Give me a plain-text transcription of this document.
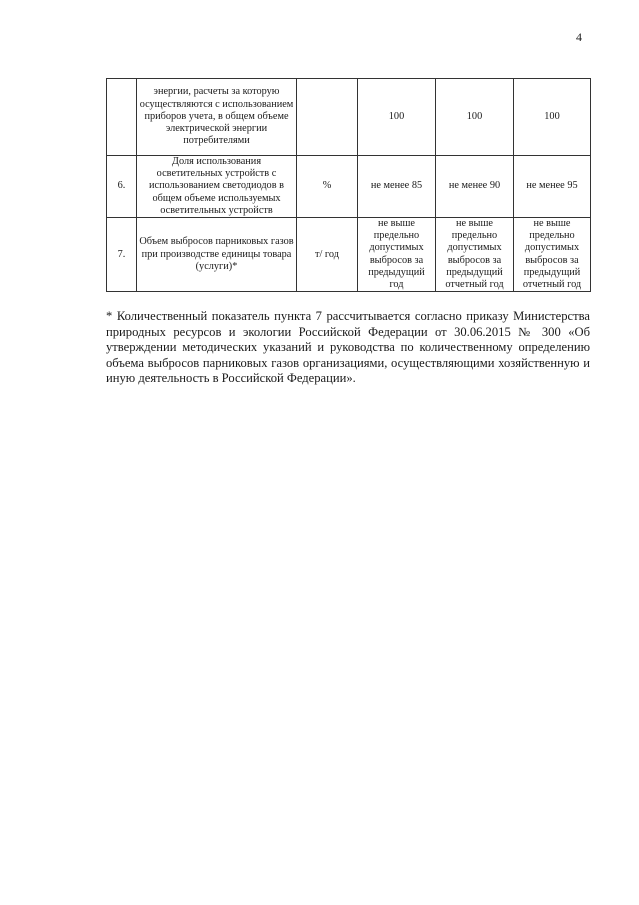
4
	энергии, расчеты за которую осуществляются с использованием приборов учета, в общем объеме электрической энергии потребителями		100	100	100
6.	Доля использования осветительных устройств с использованием светодиодов в общем объеме используемых осветительных устройств	%	не менее 85	не менее 90	не менее 95
7.	Объем выбросов парниковых газов при производстве единицы товара (услуги)*	т/ год	не выше предельно допустимых выбросов за предыдущий год	не выше предельно допустимых выбросов за предыдущий отчетный год	не выше предельно допустимых выбросов за предыдущий отчетный год
* Количественный показатель пункта 7 рассчитывается согласно приказу Министерства природных ресурсов и экологии Российской Федерации от 30.06.2015 № 300 «Об утверждении методических указаний и руководства по количественному определению объема выбросов парниковых газов организациями, осуществляющими хозяйственную и иную деятельность в Российской Федерации».
